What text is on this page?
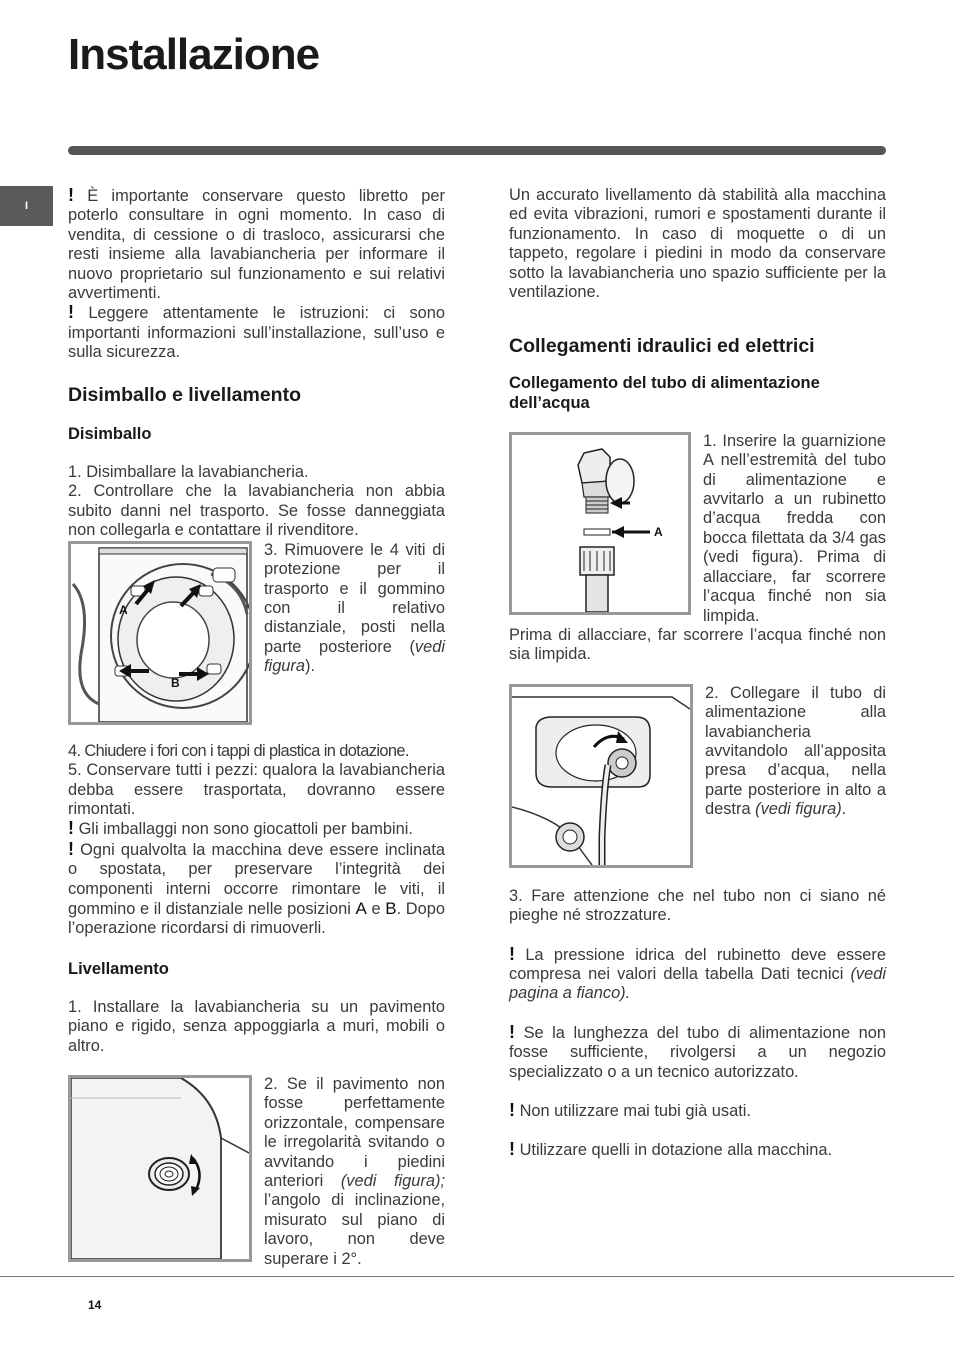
Installazione
I

! È importante conservare questo libretto per poterlo consultare in ogni momento. In caso di vendita, di cessione o di trasloco, assicurarsi che resti insieme alla lavabiancheria per informare il nuovo proprietario sul funzionamento e sui relativi avvertimenti.

! Leggere attentamente le istruzioni: ci sono importanti informazioni sull’installazione, sull’uso e sulla sicurezza.

Disimballo e livellamento
Disimballo

1. Disimballare la lavabiancheria.

2. Controllare che la lavabiancheria non abbia subito danni nel trasporto. Se fosse danneggiata non collegarla e contattare il rivenditore.

A
B

3. Rimuovere le 4 viti di protezione per il trasporto e il gommino con il relativo distanziale, posti nella parte posteriore (vedi figura).

4. Chiudere i fori con i tappi di plastica in dotazione.

5. Conservare tutti i pezzi: qualora la lavabiancheria debba essere trasportata, dovranno essere rimontati.

! Gli imballaggi non sono giocattoli per bambini.

! Ogni qualvolta la macchina deve essere inclinata o spostata, per preservare l’integrità dei componenti interni occorre rimontare le viti, il gommino e il distanziale nelle posizioni A e B. Dopo l’operazione ricordarsi di rimuoverli.

Livellamento

1. Installare la lavabiancheria su un pavimento piano e rigido, senza appoggiarla a muri, mobili o altro.

2. Se il pavimento non fosse perfettamente orizzontale, compensare le irregolarità svitando o avvitando i piedini anteriori (vedi figura); l’angolo di inclinazione, misurato sul piano di lavoro, non deve superare i 2°.

Un accurato livellamento dà stabilità alla macchina ed evita vibrazioni, rumori e spostamenti durante il funzionamento. In caso di moquette o di un tappeto, regolare i piedini in modo da conservare sotto la lavabiancheria uno spazio sufficiente per la ventilazione.

Collegamenti idraulici ed elettrici
Collegamento del tubo di alimentazione dell’acqua
A

1. Inserire la guarnizione A nell’estremità del tubo di alimentazione e avvitarlo a un rubinetto d’acqua fredda con bocca filettata da 3/4 gas (vedi figura). Prima di allacciare, far scorrere l’acqua finché non sia limpida.

Prima di allacciare, far scorrere l’acqua finché non sia limpida.

2. Collegare il tubo di alimentazione alla lavabiancheria avvitandolo all’apposita presa d’acqua, nella parte posteriore in alto a destra (vedi figura).

3. Fare attenzione che nel tubo non ci siano né pieghe né strozzature.

! La pressione idrica del rubinetto deve essere compresa nei valori della tabella Dati tecnici (vedi pagina a fianco).

! Se la lunghezza del tubo di alimentazione non fosse sufficiente, rivolgersi a un negozio specializzato o a un tecnico autorizzato.

! Non utilizzare mai tubi già usati.

! Utilizzare quelli in dotazione alla macchina.

14
